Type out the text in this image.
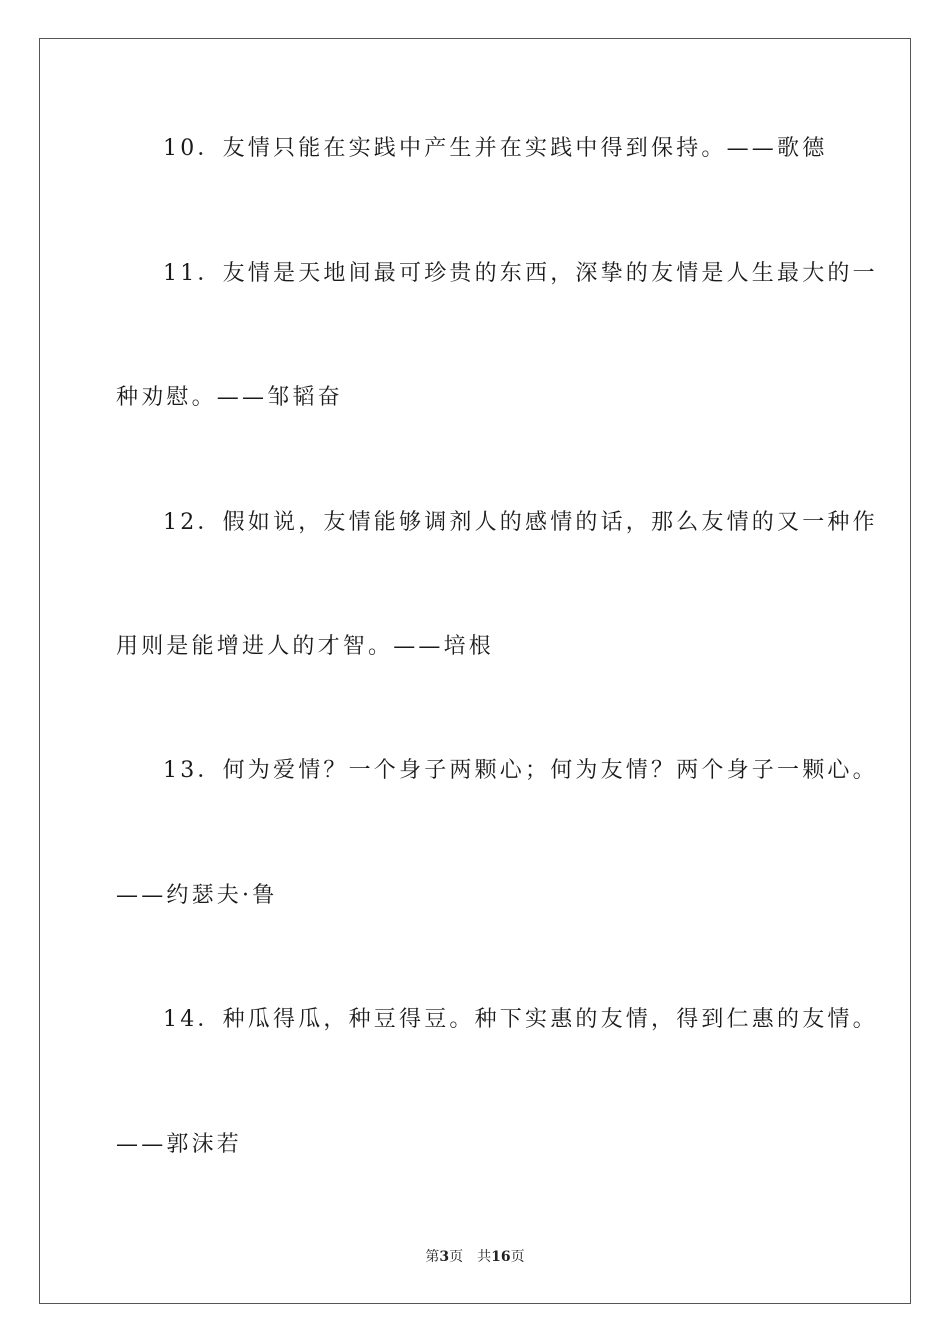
10．友情只能在实践中产生并在实践中得到保持。——歌德
11．友情是天地间最可珍贵的东西，深挚的友情是人生最大的一
种劝慰。——邹韬奋
12．假如说，友情能够调剂人的感情的话，那么友情的又一种作
用则是能增进人的才智。——培根
13．何为爱情？一个身子两颗心；何为友情？两个身子一颗心。
——约瑟夫·鲁
14．种瓜得瓜，种豆得豆。种下实惠的友情，得到仁惠的友情。
——郭沫若
第3页 共16页
